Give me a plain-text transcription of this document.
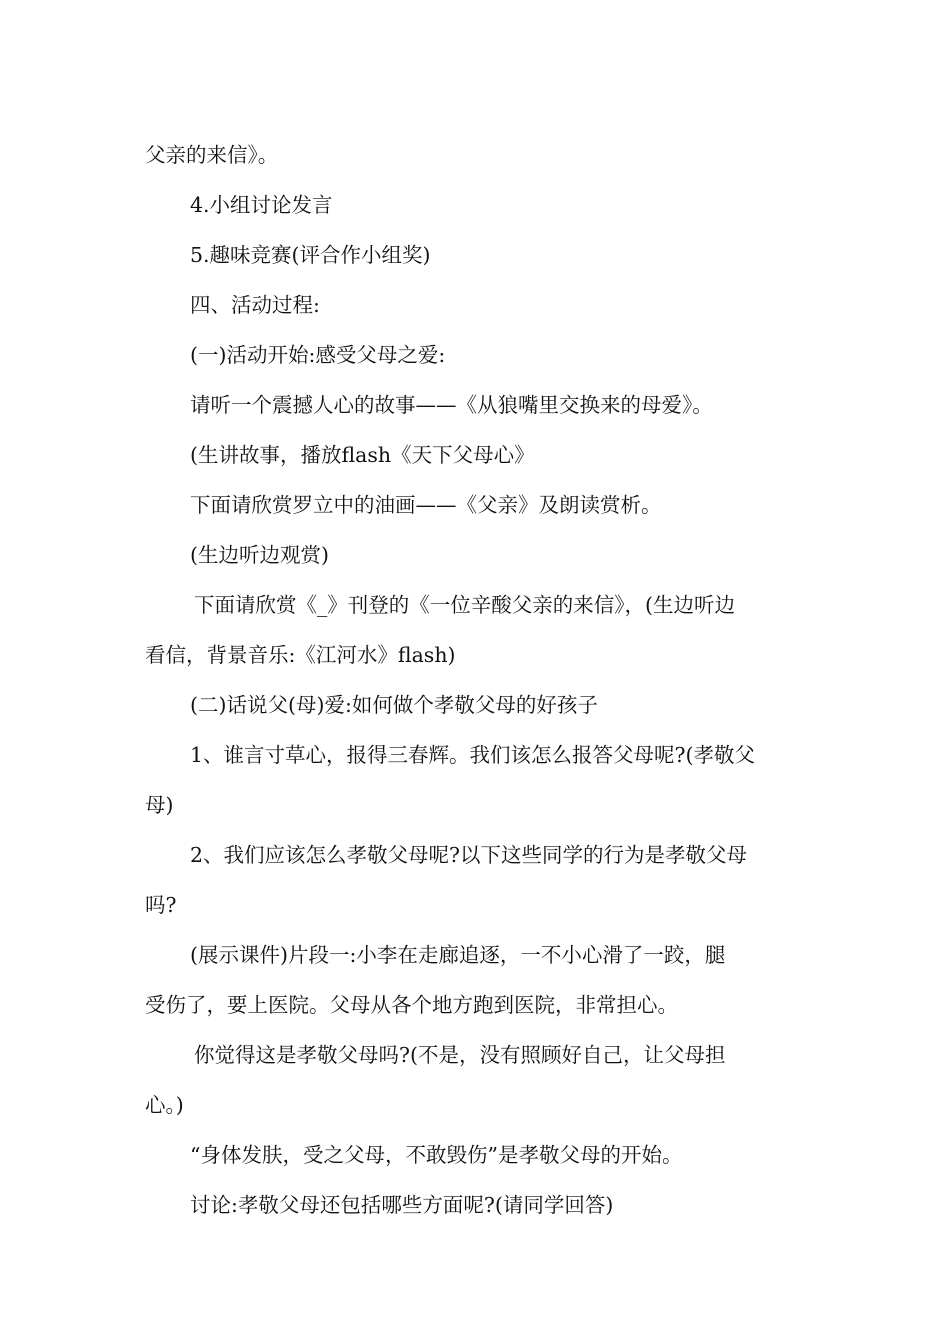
父亲的来信》。
4.小组讨论发言
5.趣味竞赛(评合作小组奖)
四、活动过程:
(一)活动开始:感受父母之爱:
请听一个震撼人心的故事——《从狼嘴里交换来的母爱》。
(生讲故事，播放flash《天下父母心》
下面请欣赏罗立中的油画——《父亲》及朗读赏析。
(生边听边观赏)
下面请欣赏《_》刊登的《一位辛酸父亲的来信》，(生边听边
看信，背景音乐:《江河水》flash)
(二)话说父(母)爱:如何做个孝敬父母的好孩子
1、谁言寸草心，报得三春辉。我们该怎么报答父母呢?(孝敬父
母)
2、我们应该怎么孝敬父母呢?以下这些同学的行为是孝敬父母
吗?
(展示课件)片段一:小李在走廊追逐，一不小心滑了一跤，腿
受伤了，要上医院。父母从各个地方跑到医院，非常担心。
你觉得这是孝敬父母吗?(不是，没有照顾好自己，让父母担
心。)
“身体发肤，受之父母，不敢毁伤”是孝敬父母的开始。
讨论:孝敬父母还包括哪些方面呢?(请同学回答)
